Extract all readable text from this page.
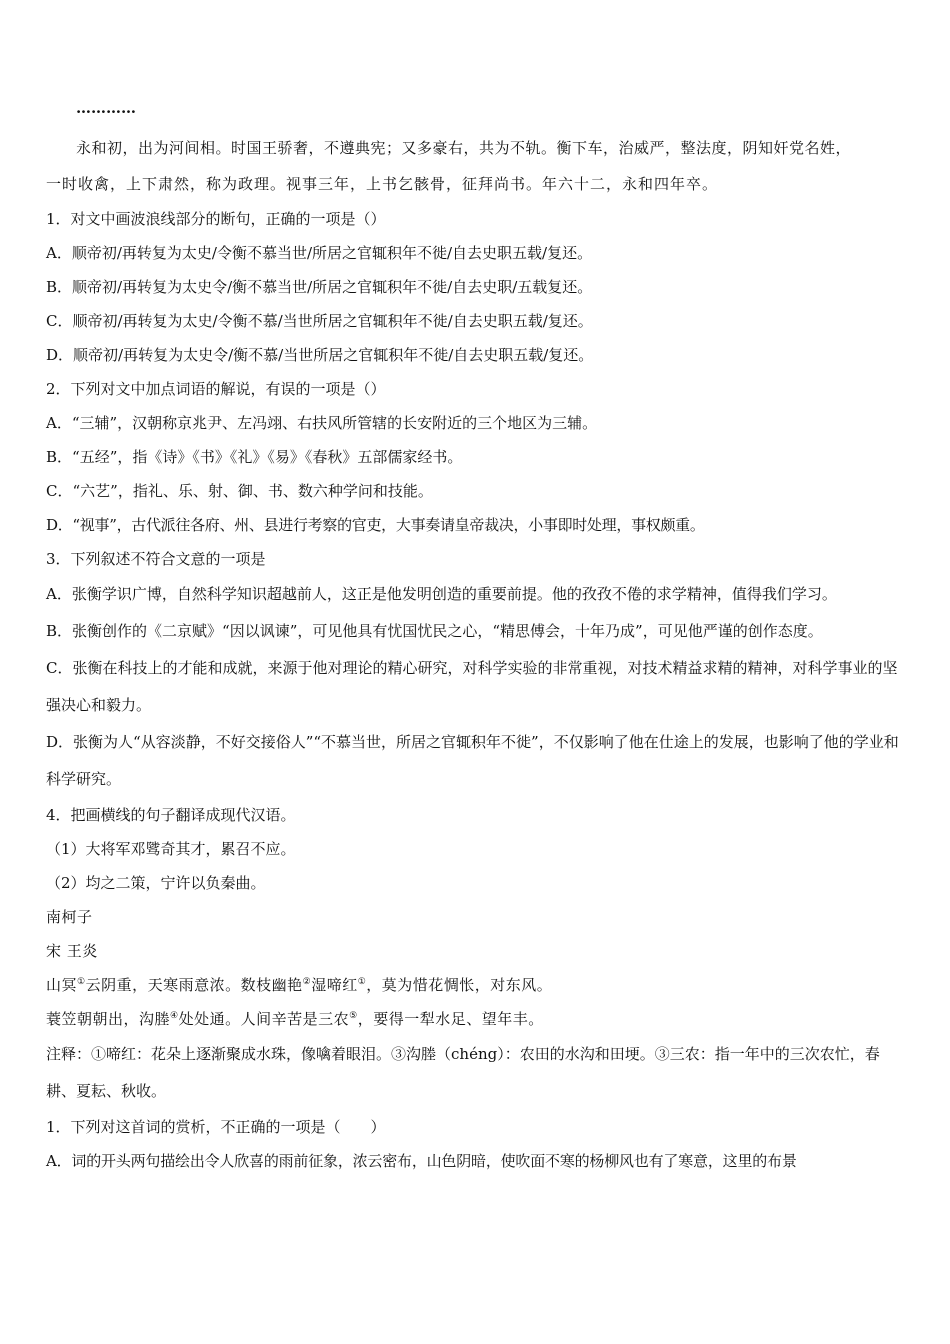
…………
永和初，出为河间相。时国王骄奢，不遵典宪；又多豪右，共为不轨。衡下车，治威严，整法度，阴知奸党名姓，
一时收禽，上下肃然，称为政理。视事三年，上书乞骸骨，征拜尚书。年六十二，永和四年卒。
1．对文中画波浪线部分的断句，正确的一项是（）
A．顺帝初/再转复为太史/令衡不慕当世/所居之官辄积年不徙/自去史职五载/复还。
B．顺帝初/再转复为太史令/衡不慕当世/所居之官辄积年不徙/自去史职/五载复还。
C．顺帝初/再转复为太史/令衡不慕/当世所居之官辄积年不徙/自去史职五载/复还。
D．顺帝初/再转复为太史令/衡不慕/当世所居之官辄积年不徙/自去史职五载/复还。
2．下列对文中加点词语的解说，有误的一项是（）
A．“三辅”，汉朝称京兆尹、左冯翊、右扶风所管辖的长安附近的三个地区为三辅。
B．“五经”，指《诗》《书》《礼》《易》《春秋》五部儒家经书。
C．“六艺”，指礼、乐、射、御、书、数六种学问和技能。
D．“视事”，古代派往各府、州、县进行考察的官吏，大事奏请皇帝裁决，小事即时处理，事权颇重。
3．下列叙述不符合文意的一项是
A．张衡学识广博，自然科学知识超越前人，这正是他发明创造的重要前提。他的孜孜不倦的求学精神，值得我们学习。
B．张衡创作的《二京赋》“因以讽谏”，可见他具有忧国忧民之心，“精思傅会，十年乃成”，可见他严谨的创作态度。
C．张衡在科技上的才能和成就，来源于他对理论的精心研究，对科学实验的非常重视，对技术精益求精的精神，对科学事业的坚强决心和毅力。
D．张衡为人“从容淡静，不好交接俗人”“不慕当世，所居之官辄积年不徙”，不仅影响了他在仕途上的发展，也影响了他的学业和科学研究。
4．把画横线的句子翻译成现代汉语。
（1）大将军邓骘奇其才，累召不应。
（2）均之二策，宁许以负秦曲。
南柯子
宋 王炎
山冥①云阴重，天寒雨意浓。数枝幽艳②湿啼红①，莫为惜花惆怅，对东风。
蓑笠朝朝出，沟塍④处处通。人间辛苦是三农⑤，要得一犁水足、望年丰。
注释：①啼红：花朵上逐渐聚成水珠，像噙着眼泪。③沟塍（chéng）：农田的水沟和田埂。③三农：指一年中的三次农忙，春耕、夏耘、秋收。
1．下列对这首词的赏析，不正确的一项是（　　）
A．词的开头两句描绘出令人欣喜的雨前征象，浓云密布，山色阴暗，使吹面不寒的杨柳风也有了寒意，这里的布景
